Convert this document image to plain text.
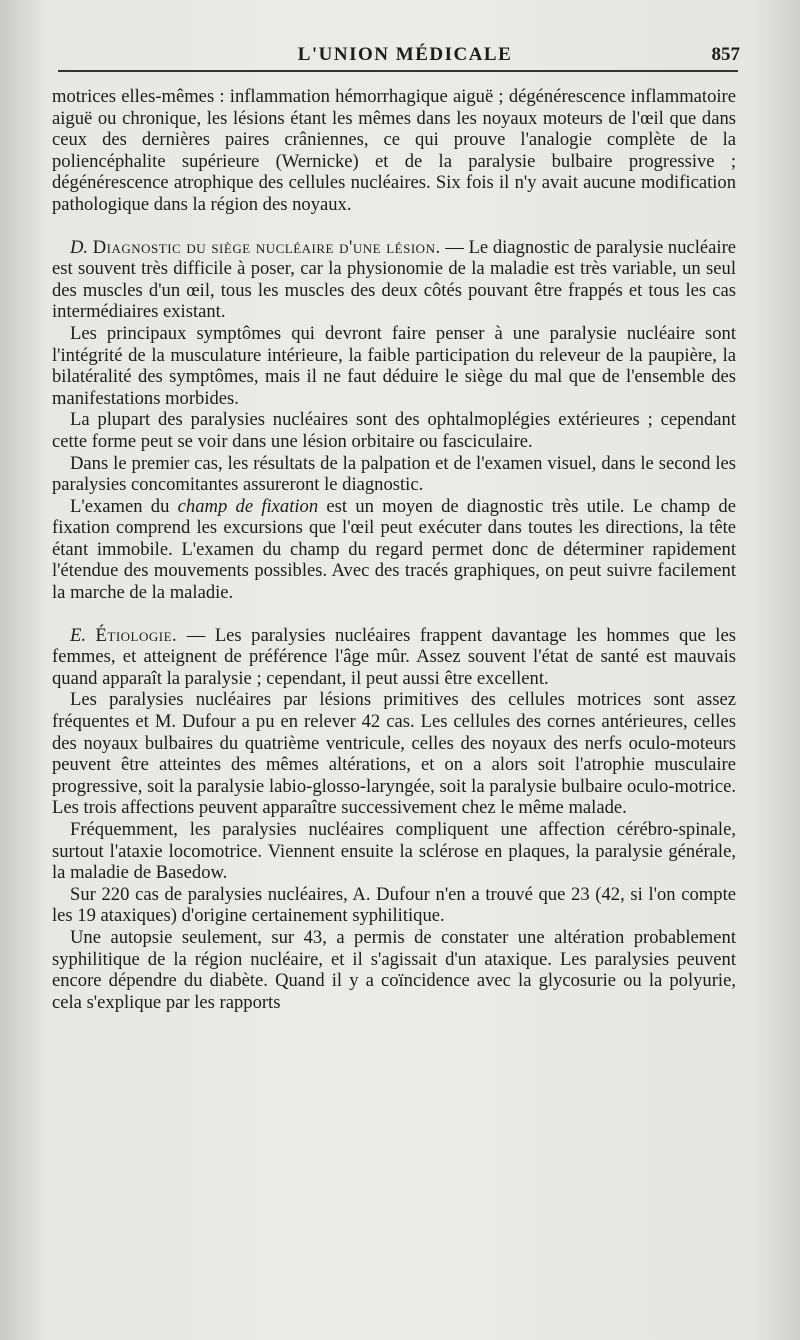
L'UNION MÉDICALE	857

motrices elles-mêmes : inflammation hémorrhagique aiguë ; dégénérescence inflammatoire aiguë ou chronique, les lésions étant les mêmes dans les noyaux moteurs de l'œil que dans ceux des dernières paires crâniennes, ce qui prouve l'analogie complète de la poliencéphalite supérieure (Wernicke) et de la paralysie bulbaire progressive ; dégénérescence atrophique des cellules nucléaires. Six fois il n'y avait aucune modification pathologique dans la région des noyaux.

D. Diagnostic du siège nucléaire d'une lésion. — Le diagnostic de paralysie nucléaire est souvent très difficile à poser, car la physionomie de la maladie est très variable, un seul des muscles d'un œil, tous les muscles des deux côtés pouvant être frappés et tous les cas intermédiaires existant.

Les principaux symptômes qui devront faire penser à une paralysie nucléaire sont l'intégrité de la musculature intérieure, la faible participation du releveur de la paupière, la bilatéralité des symptômes, mais il ne faut déduire le siège du mal que de l'ensemble des manifestations morbides.

La plupart des paralysies nucléaires sont des ophtalmoplégies extérieures ; cependant cette forme peut se voir dans une lésion orbitaire ou fasciculaire.

Dans le premier cas, les résultats de la palpation et de l'examen visuel, dans le second les paralysies concomitantes assureront le diagnostic.

L'examen du champ de fixation est un moyen de diagnostic très utile. Le champ de fixation comprend les excursions que l'œil peut exécuter dans toutes les directions, la tête étant immobile. L'examen du champ du regard permet donc de déterminer rapidement l'étendue des mouvements possibles. Avec des tracés graphiques, on peut suivre facilement la marche de la maladie.

E. Étiologie. — Les paralysies nucléaires frappent davantage les hommes que les femmes, et atteignent de préférence l'âge mûr. Assez souvent l'état de santé est mauvais quand apparaît la paralysie ; cependant, il peut aussi être excellent.

Les paralysies nucléaires par lésions primitives des cellules motrices sont assez fréquentes et M. Dufour a pu en relever 42 cas. Les cellules des cornes antérieures, celles des noyaux bulbaires du quatrième ventricule, celles des noyaux des nerfs oculo-moteurs peuvent être atteintes des mêmes altérations, et on a alors soit l'atrophie musculaire progressive, soit la paralysie labio-glosso-laryngée, soit la paralysie bulbaire oculo-motrice. Les trois affections peuvent apparaître successivement chez le même malade.

Fréquemment, les paralysies nucléaires compliquent une affection cérébro-spinale, surtout l'ataxie locomotrice. Viennent ensuite la sclérose en plaques, la paralysie générale, la maladie de Basedow.

Sur 220 cas de paralysies nucléaires, A. Dufour n'en a trouvé que 23 (42, si l'on compte les 19 ataxiques) d'origine certainement syphilitique.

Une autopsie seulement, sur 43, a permis de constater une altération probablement syphilitique de la région nucléaire, et il s'agissait d'un ataxique. Les paralysies peuvent encore dépendre du diabète. Quand il y a coïncidence avec la glycosurie ou la polyurie, cela s'explique par les rapports
